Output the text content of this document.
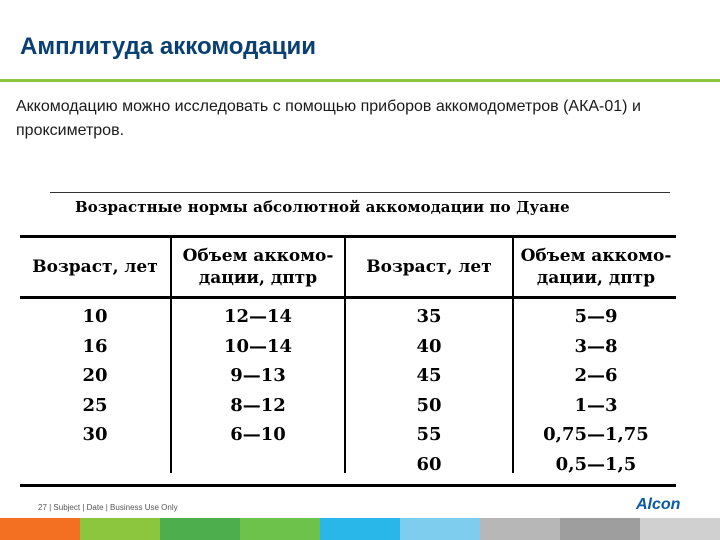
Амплитуда аккомодации
Аккомодацию можно исследовать с помощью приборов аккомодометров (АКА-01) и проксиметров.
Возрастные нормы абсолютной аккомодации по Дуане
Возраст, лет
Объем аккомо-
дации, дптр
Возраст, лет
Объем аккомо-
дации, дптр
10
16
20
25
30
12—14
10—14
9—13
8—12
6—10
35
40
45
50
55
60
5—9
3—8
2—6
1—3
0,75—1,75
0,5—1,5
27 | Subject | Date | Business Use Only	Alcon
